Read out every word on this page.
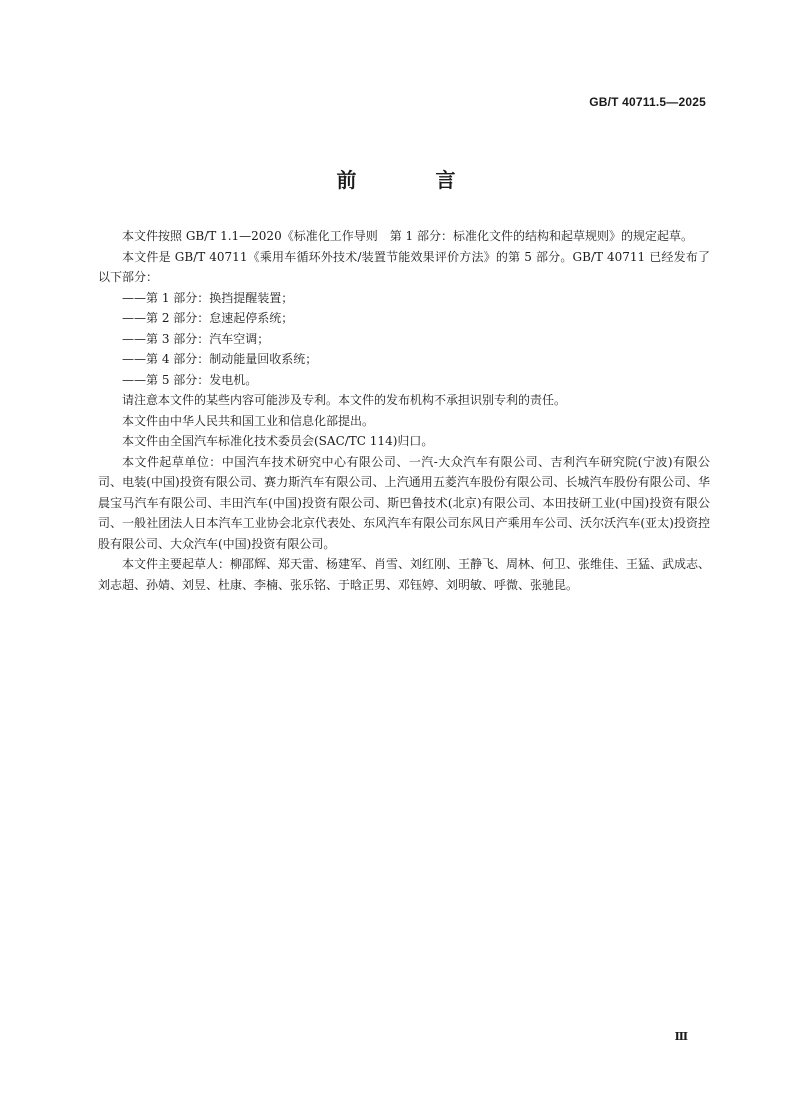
GB/T 40711.5—2025
前 言

本文件按照 GB/T 1.1—2020《标准化工作导则　第 1 部分：标准化文件的结构和起草规则》的规定起草。

本文件是 GB/T 40711《乘用车循环外技术/装置节能效果评价方法》的第 5 部分。GB/T 40711 已经发布了以下部分：

——第 1 部分：换挡提醒装置；

——第 2 部分：怠速起停系统；

——第 3 部分：汽车空调；

——第 4 部分：制动能量回收系统；

——第 5 部分：发电机。

请注意本文件的某些内容可能涉及专利。本文件的发布机构不承担识别专利的责任。

本文件由中华人民共和国工业和信息化部提出。

本文件由全国汽车标准化技术委员会(SAC/TC 114)归口。

本文件起草单位：中国汽车技术研究中心有限公司、一汽-大众汽车有限公司、吉利汽车研究院(宁波)有限公司、电装(中国)投资有限公司、赛力斯汽车有限公司、上汽通用五菱汽车股份有限公司、长城汽车股份有限公司、华晨宝马汽车有限公司、丰田汽车(中国)投资有限公司、斯巴鲁技术(北京)有限公司、本田技研工业(中国)投资有限公司、一般社团法人日本汽车工业协会北京代表处、东风汽车有限公司东风日产乘用车公司、沃尔沃汽车(亚太)投资控股有限公司、大众汽车(中国)投资有限公司。

本文件主要起草人：柳邵辉、郑天雷、杨建军、肖雪、刘红刚、王静飞、周林、何卫、张维佳、王猛、武成志、刘志超、孙婧、刘昱、杜康、李楠、张乐铭、于晗正男、邓钰婷、刘明敏、呼微、张驰昆。

Ⅲ
